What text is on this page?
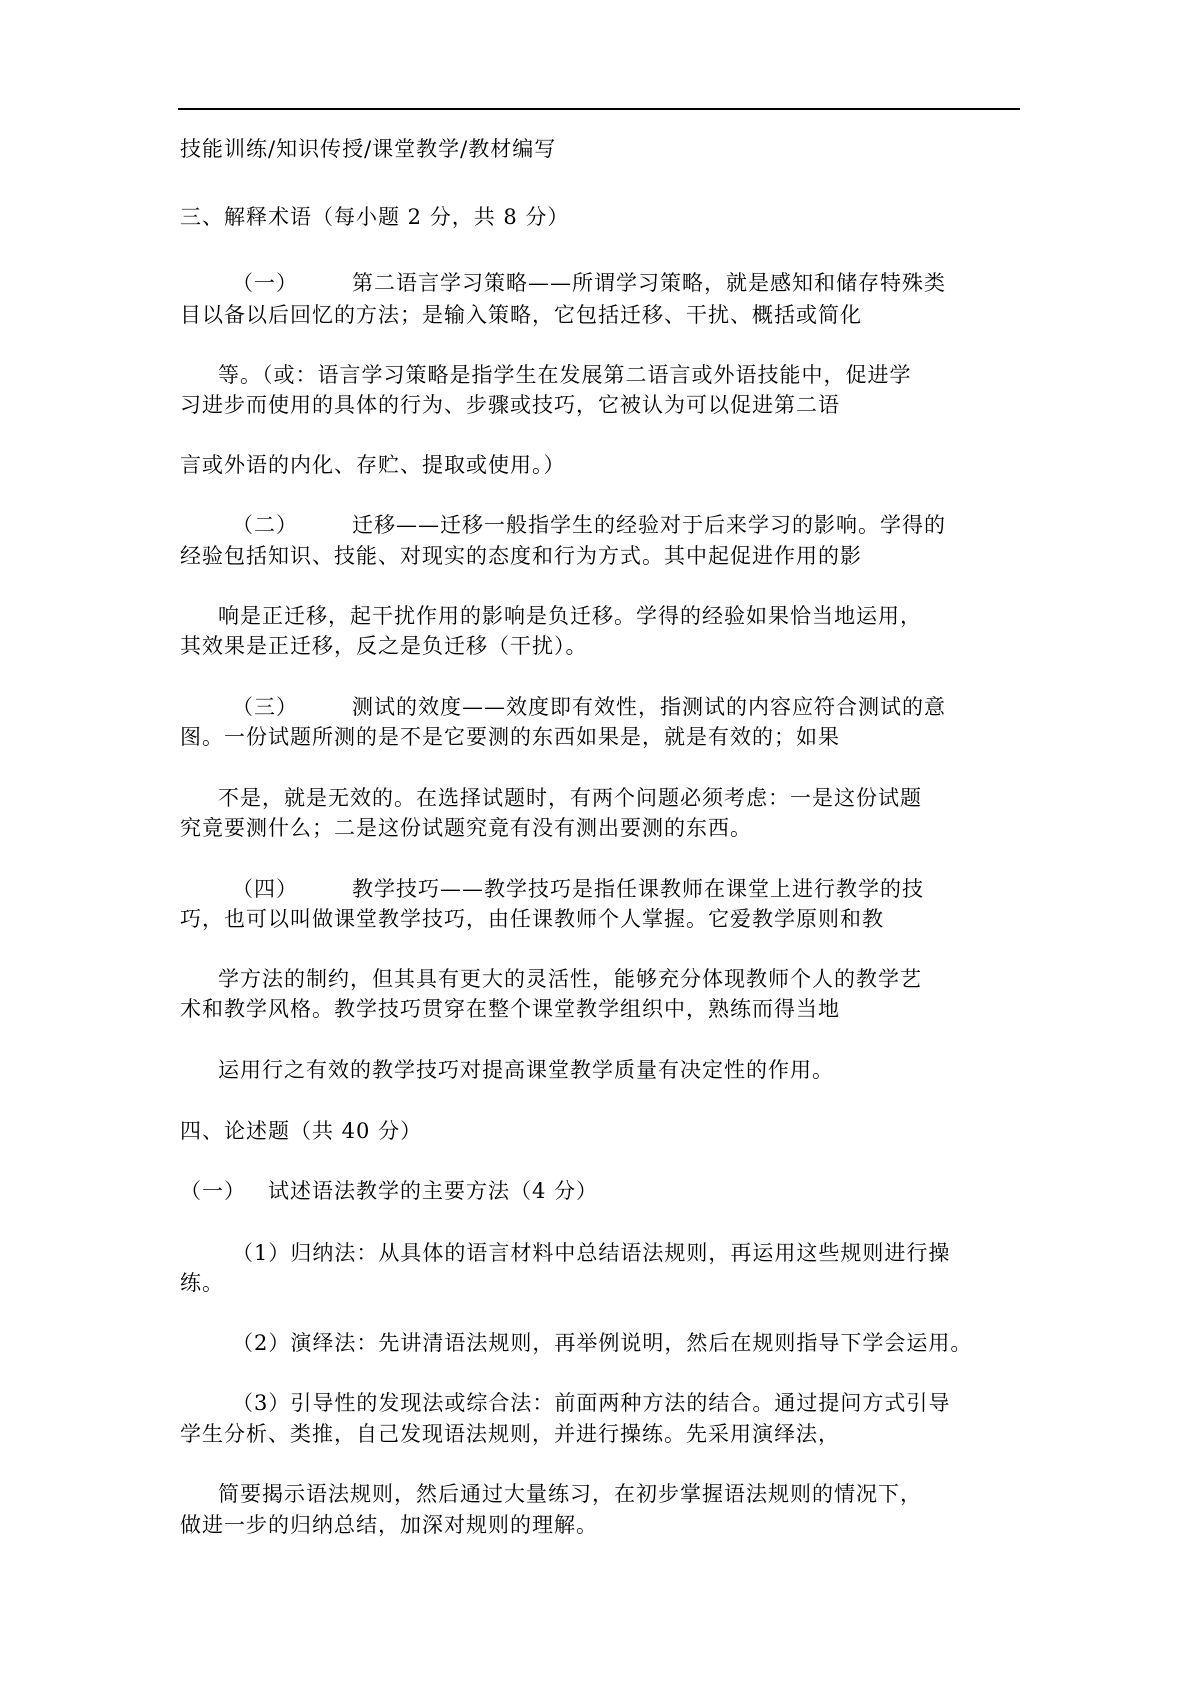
技能训练/知识传授/课堂教学/教材编写
三、解释术语（每小题 2 分，共 8 分）
（一）	第二语言学习策略——所谓学习策略，就是感知和储存特殊类
目以备以后回忆的方法；是输入策略，它包括迁移、干扰、概括或简化
等。（或：语言学习策略是指学生在发展第二语言或外语技能中，促进学
习进步而使用的具体的行为、步骤或技巧，它被认为可以促进第二语
言或外语的内化、存贮、提取或使用。）
（二）	迁移——迁移一般指学生的经验对于后来学习的影响。学得的
经验包括知识、技能、对现实的态度和行为方式。其中起促进作用的影
响是正迁移，起干扰作用的影响是负迁移。学得的经验如果恰当地运用，
其效果是正迁移，反之是负迁移（干扰）。
（三）	测试的效度——效度即有效性，指测试的内容应符合测试的意
图。一份试题所测的是不是它要测的东西如果是，就是有效的；如果
不是，就是无效的。在选择试题时，有两个问题必须考虑：一是这份试题
究竟要测什么；二是这份试题究竟有没有测出要测的东西。
（四）	教学技巧——教学技巧是指任课教师在课堂上进行教学的技
巧，也可以叫做课堂教学技巧，由任课教师个人掌握。它爱教学原则和教
学方法的制约，但其具有更大的灵活性，能够充分体现教师个人的教学艺
术和教学风格。教学技巧贯穿在整个课堂教学组织中，熟练而得当地
运用行之有效的教学技巧对提高课堂教学质量有决定性的作用。
四、论述题（共 40 分）
（一） 试述语法教学的主要方法（4 分）
（1）归纳法：从具体的语言材料中总结语法规则，再运用这些规则进行操
练。
（2）演绎法：先讲清语法规则，再举例说明，然后在规则指导下学会运用。
（3）引导性的发现法或综合法：前面两种方法的结合。通过提问方式引导
学生分析、类推，自己发现语法规则，并进行操练。先采用演绎法，
简要揭示语法规则，然后通过大量练习，在初步掌握语法规则的情况下，
做进一步的归纳总结，加深对规则的理解。
